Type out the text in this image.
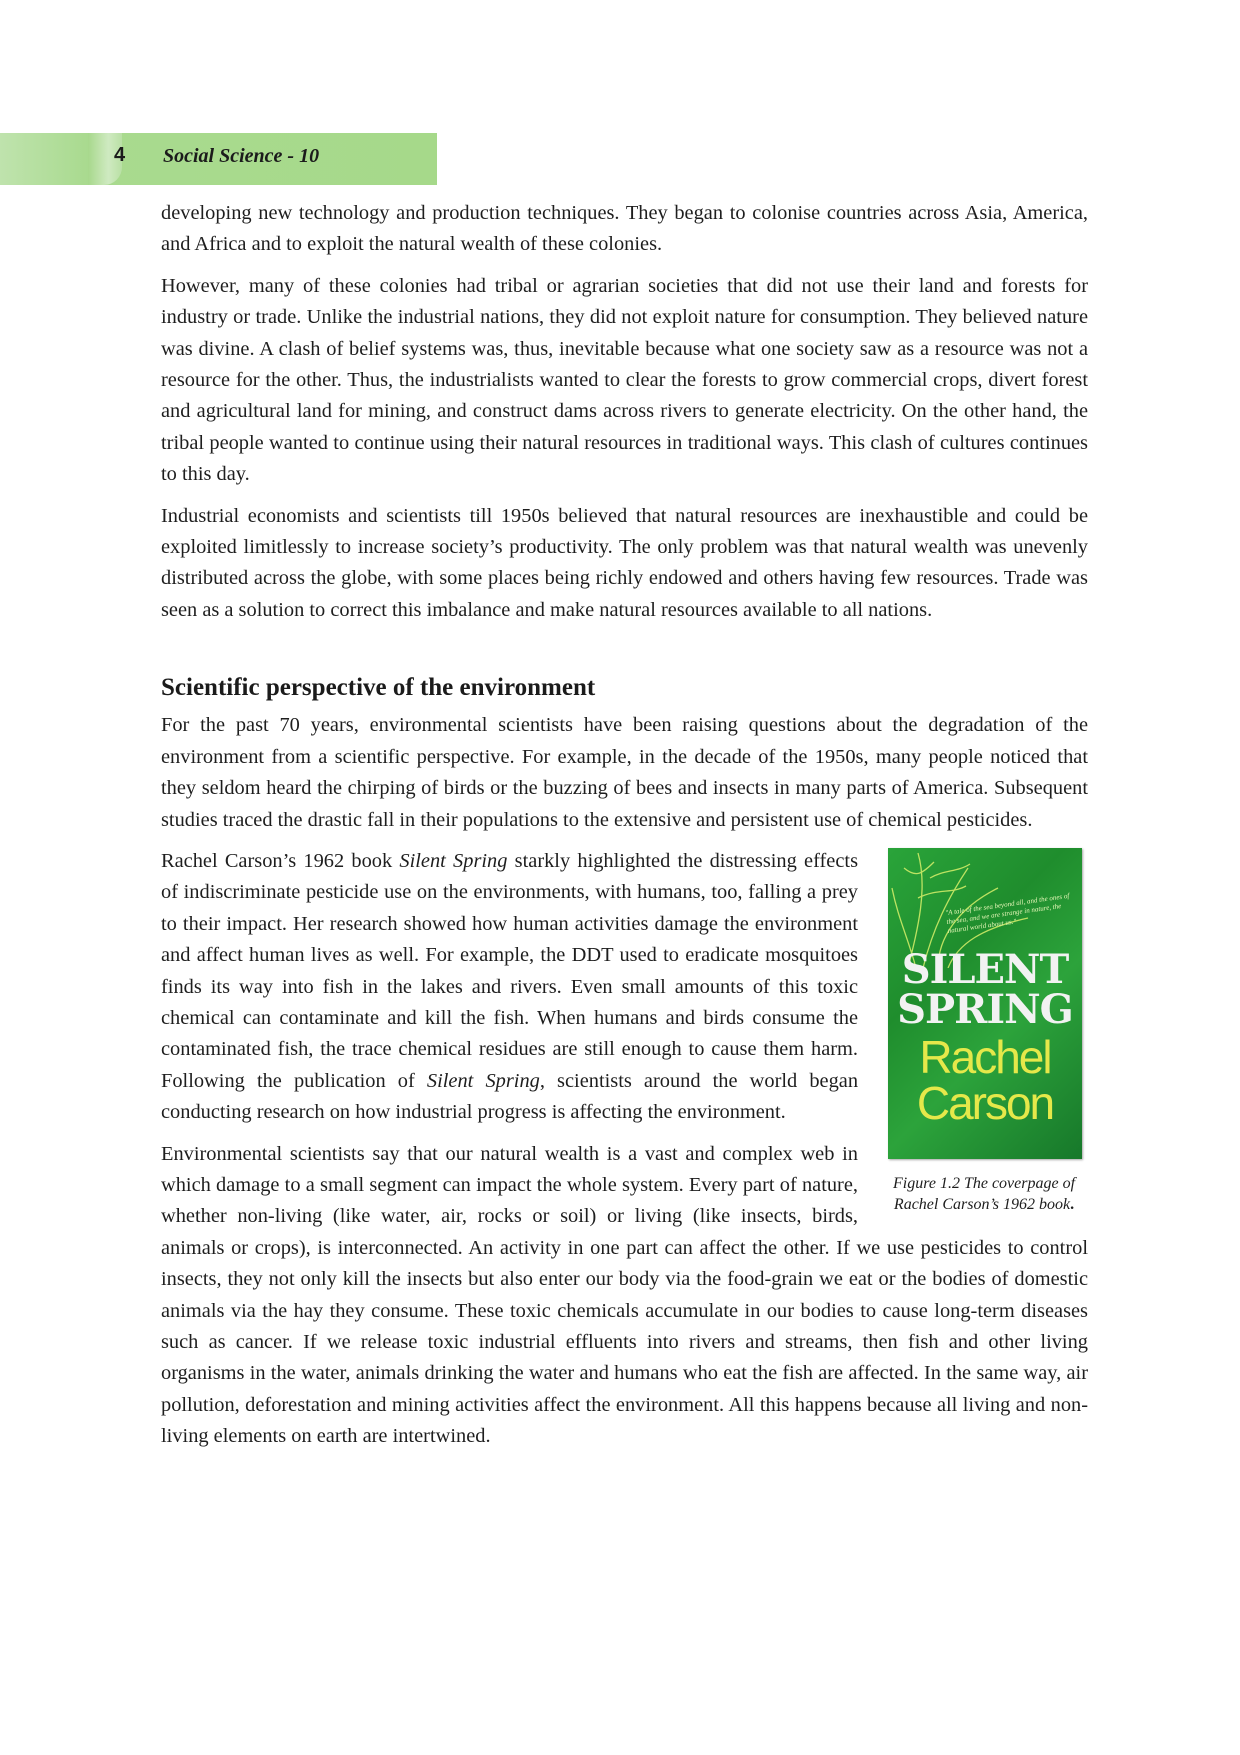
4 Social Science - 10

developing new technology and production techniques. They began to colonise countries across Asia, America, and Africa and to exploit the natural wealth of these colonies.

However, many of these colonies had tribal or agrarian societies that did not use their land and forests for industry or trade. Unlike the industrial nations, they did not exploit nature for consumption. They believed nature was divine. A clash of belief systems was, thus, inevitable because what one society saw as a resource was not a resource for the other. Thus, the industrialists wanted to clear the forests to grow commercial crops, divert forest and agricultural land for mining, and construct dams across rivers to generate electricity. On the other hand, the tribal people wanted to continue using their natural resources in traditional ways. This clash of cultures continues to this day.

Industrial economists and scientists till 1950s believed that natural resources are inexhaustible and could be exploited limitlessly to increase society’s productivity. The only problem was that natural wealth was unevenly distributed across the globe, with some places being richly endowed and others having few resources. Trade was seen as a solution to correct this imbalance and make natural resources available to all nations.

Scientific perspective of the environment

For the past 70 years, environmental scientists have been raising questions about the degradation of the environment from a scientific perspective. For example, in the decade of the 1950s, many people noticed that they seldom heard the chirping of birds or the buzzing of bees and insects in many parts of America. Subsequent studies traced the drastic fall in their populations to the extensive and persistent use of chemical pesticides.

"A tale of the sea beyond all, and the ones of the sea, and we are strange in nature, the natural world about us."
SILENT
SPRING
Rachel
Carson
Figure 1.2 The coverpage of Rachel Carson’s 1962 book.

Rachel Carson’s 1962 book Silent Spring starkly highlighted the distressing effects of indiscriminate pesticide use on the environments, with humans, too, falling a prey to their impact. Her research showed how human activities damage the environment and affect human lives as well. For example, the DDT used to eradicate mosquitoes finds its way into fish in the lakes and rivers. Even small amounts of this toxic chemical can contaminate and kill the fish. When humans and birds consume the contaminated fish, the trace chemical residues are still enough to cause them harm. Following the publication of Silent Spring, scientists around the world began conducting research on how industrial progress is affecting the environment.

Environmental scientists say that our natural wealth is a vast and complex web in which damage to a small segment can impact the whole system. Every part of nature, whether non-living (like water, air, rocks or soil) or living (like insects, birds, animals or crops), is interconnected. An activity in one part can affect the other. If we use pesticides to control insects, they not only kill the insects but also enter our body via the food-grain we eat or the bodies of domestic animals via the hay they consume. These toxic chemicals accumulate in our bodies to cause long-term diseases such as cancer. If we release toxic industrial effluents into rivers and streams, then fish and other living organisms in the water, animals drinking the water and humans who eat the fish are affected. In the same way, air pollution, deforestation and mining activities affect the environment. All this happens because all living and non-living elements on earth are intertwined.
